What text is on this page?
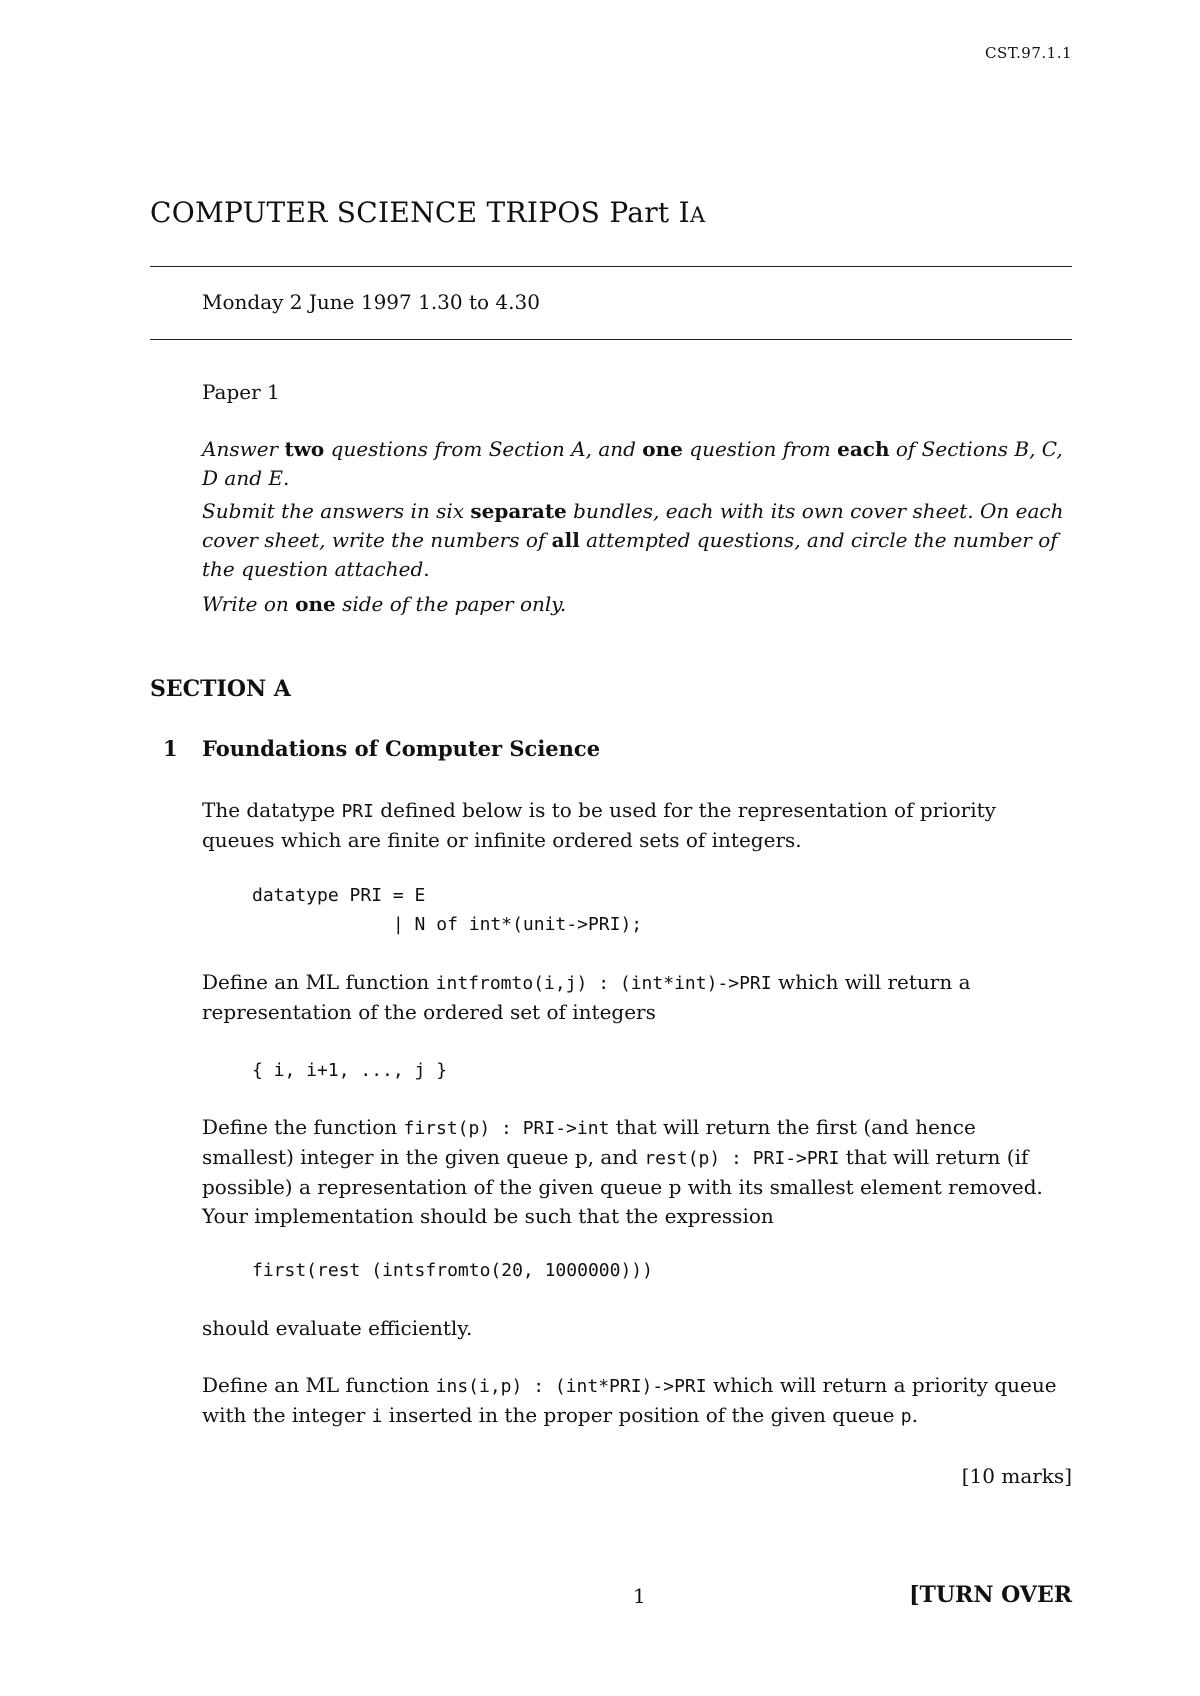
CST.97.1.1
COMPUTER SCIENCE TRIPOS Part IA
Monday 2 June 1997 1.30 to 4.30
Paper 1
Answer two questions from Section A, and one question from each of Sections B, C, D and E.
Submit the answers in six separate bundles, each with its own cover sheet. On each cover sheet, write the numbers of all attempted questions, and circle the number of the question attached.
Write on one side of the paper only.
SECTION A
1 Foundations of Computer Science
The datatype PRI defined below is to be used for the representation of priority queues which are finite or infinite ordered sets of integers.
datatype PRI = E
| N of int*(unit->PRI);
Define an ML function intfromto(i,j) : (int*int)->PRI which will return a representation of the ordered set of integers
{ i, i+1, ..., j }
Define the function first(p) : PRI->int that will return the first (and hence smallest) integer in the given queue p, and rest(p) : PRI->PRI that will return (if possible) a representation of the given queue p with its smallest element removed. Your implementation should be such that the expression
first(rest (intsfromto(20, 1000000)))
should evaluate efficiently.
Define an ML function ins(i,p) : (int*PRI)->PRI which will return a priority queue with the integer i inserted in the proper position of the given queue p.
[10 marks]
1	[TURN OVER
